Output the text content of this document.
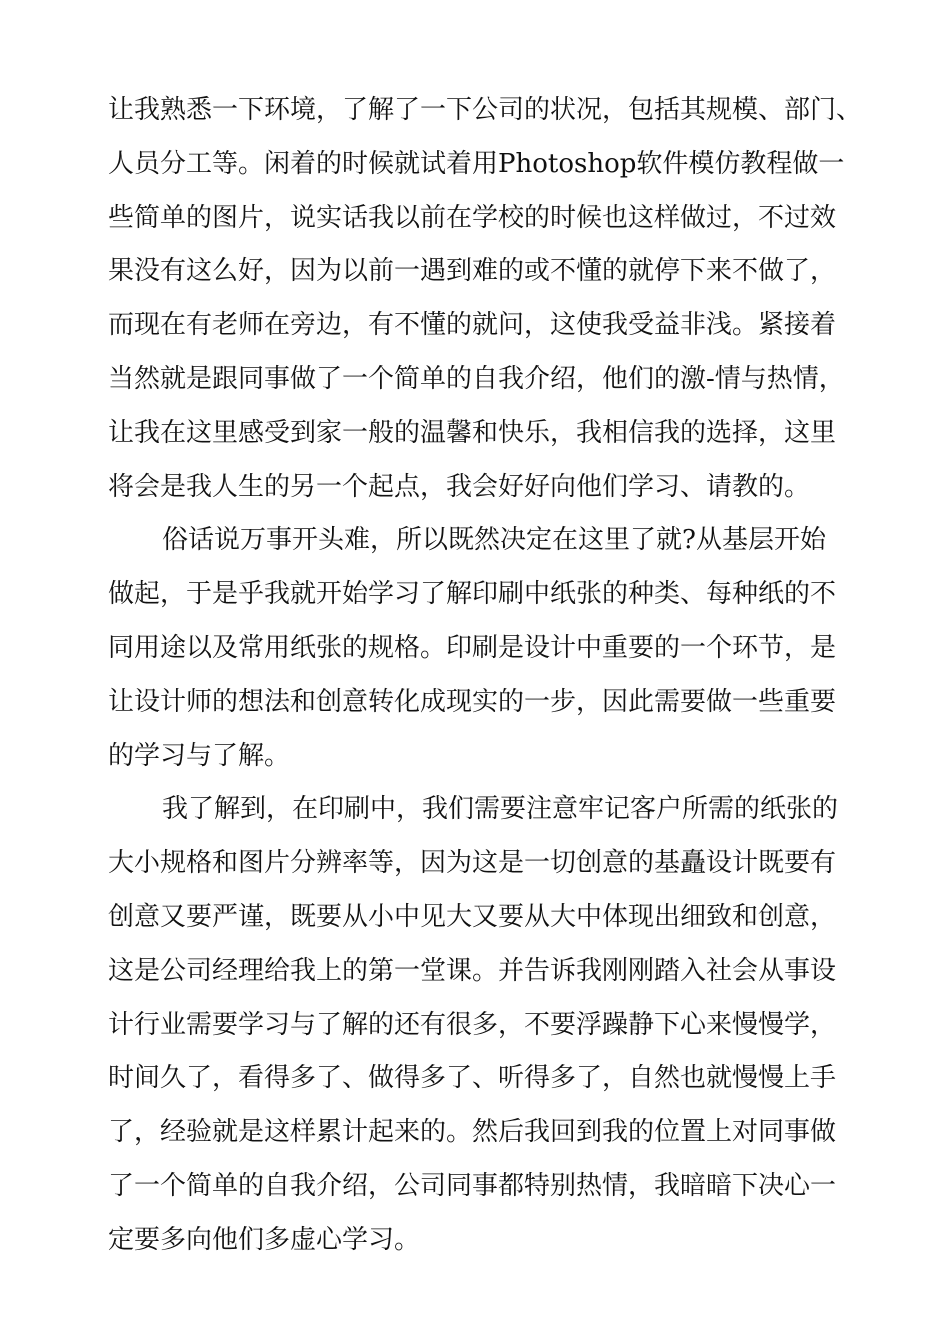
让我熟悉一下环境，了解了一下公司的状况，包括其规模、部门、
人员分工等。闲着的时候就试着用Photoshop软件模仿教程做一
些简单的图片，说实话我以前在学校的时候也这样做过，不过效
果没有这么好，因为以前一遇到难的或不懂的就停下来不做了，
而现在有老师在旁边，有不懂的就问，这使我受益非浅。紧接着
当然就是跟同事做了一个简单的自我介绍，他们的激-情与热情，
让我在这里感受到家一般的温馨和快乐，我相信我的选择，这里
将会是我人生的另一个起点，我会好好向他们学习、请教的。
俗话说万事开头难，所以既然决定在这里了就?从基层开始
做起，于是乎我就开始学习了解印刷中纸张的种类、每种纸的不
同用途以及常用纸张的规格。印刷是设计中重要的一个环节，是
让设计师的想法和创意转化成现实的一步，因此需要做一些重要
的学习与了解。
我了解到，在印刷中，我们需要注意牢记客户所需的纸张的
大小规格和图片分辨率等，因为这是一切创意的基矗设计既要有
创意又要严谨，既要从小中见大又要从大中体现出细致和创意，
这是公司经理给我上的第一堂课。并告诉我刚刚踏入社会从事设
计行业需要学习与了解的还有很多，不要浮躁静下心来慢慢学，
时间久了，看得多了、做得多了、听得多了，自然也就慢慢上手
了，经验就是这样累计起来的。然后我回到我的位置上对同事做
了一个简单的自我介绍，公司同事都特别热情，我暗暗下决心一
定要多向他们多虚心学习。
